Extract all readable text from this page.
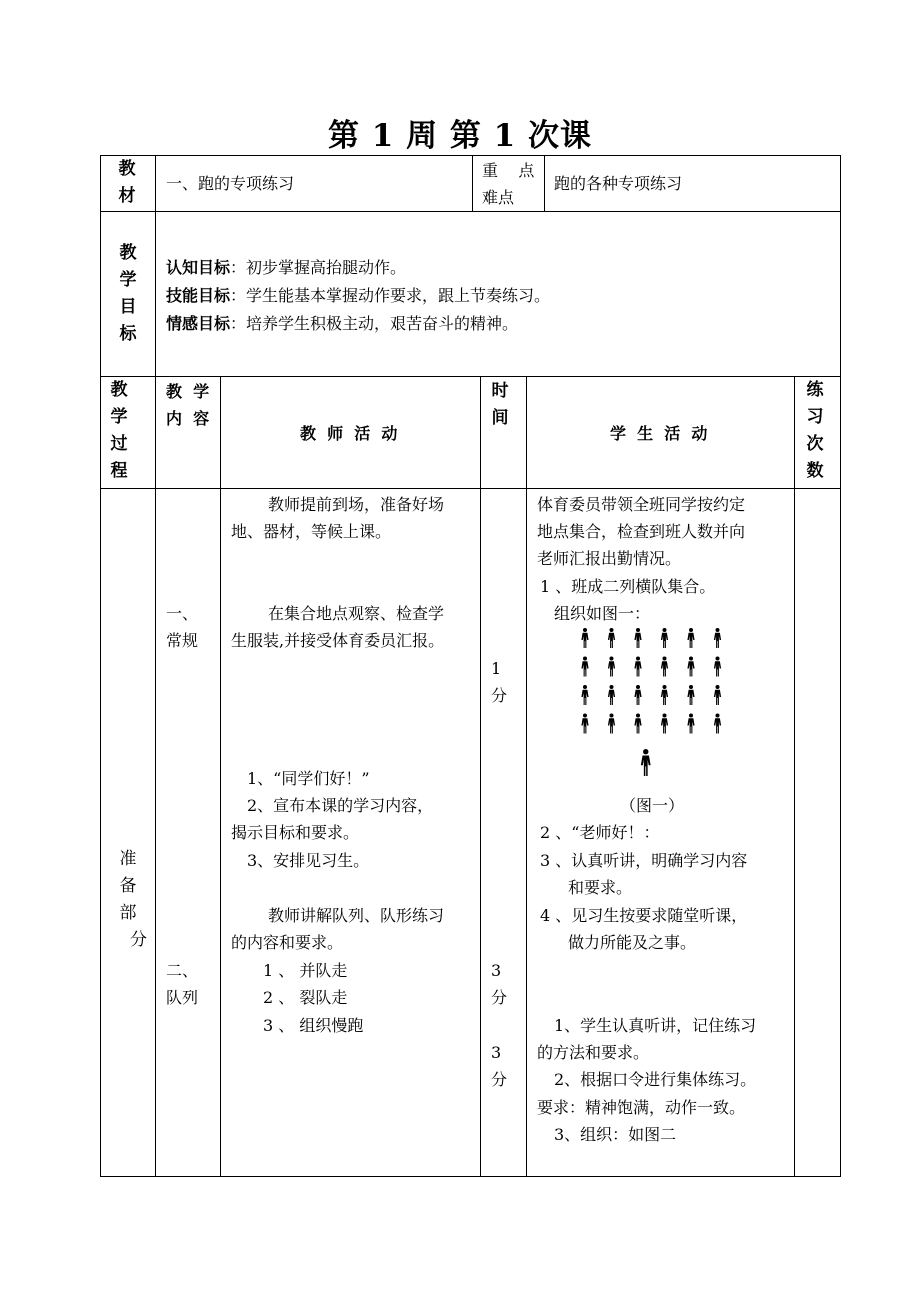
第 1 周 第 1 次课
教
材
一、跑的专项练习
重    点
难点
跑的各种专项练习
教
学
目
标
认知目标：初步掌握高抬腿动作。
技能目标：学生能基本掌握动作要求，跟上节奏练习。
情感目标：培养学生积极主动，艰苦奋斗的精神。
教
学
过
程
教  学
内  容
教  师  活  动
时
间
学  生  活  动
练
习
次
数
准
备
部
分
一、
常规
二、
队列
教师提前到场，准备好场
地、器材，等候上课。
在集合地点观察、检查学
生服装,并接受体育委员汇报。
1、“同学们好！”
2、宣布本课的学习内容，
揭示目标和要求。
3、安排见习生。
教师讲解队列、队形练习
的内容和要求。
1 、 并队走
2 、 裂队走
3 、 组织慢跑
1
分
3
分
3
分
体育委员带领全班同学按约定
地点集合，检查到班人数并向
老师汇报出勤情况。
1 、班成二列横队集合。
组织如图一：
（图一）
2 、“老师好！：
3 、认真听讲，明确学习内容
和要求。
4 、见习生按要求随堂听课，
做力所能及之事。
1、学生认真听讲，记住练习
的方法和要求。
2、根据口令进行集体练习。
要求：精神饱满，动作一致。
3、组织：如图二
